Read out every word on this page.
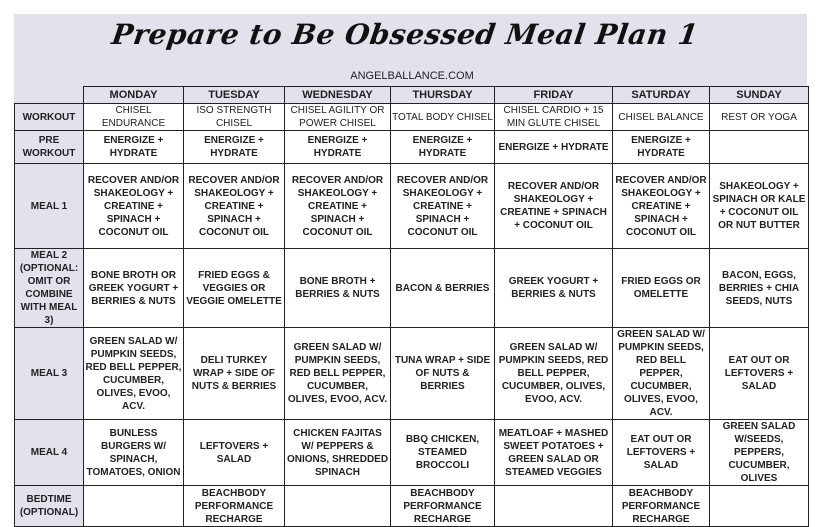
Prepare to Be Obsessed Meal Plan 1
ANGELBALLANCE.COM
	MONDAY	TUESDAY	WEDNESDAY	THURSDAY	FRIDAY	SATURDAY	SUNDAY
WORKOUT	CHISEL ENDURANCE	ISO STRENGTH CHISEL	CHISEL AGILITY OR POWER CHISEL	TOTAL BODY CHISEL	CHISEL CARDIO + 15 MIN GLUTE CHISEL	CHISEL BALANCE	REST OR YOGA
PRE WORKOUT	ENERGIZE + HYDRATE	ENERGIZE + HYDRATE	ENERGIZE + HYDRATE	ENERGIZE + HYDRATE	ENERGIZE + HYDRATE	ENERGIZE + HYDRATE	
MEAL 1	RECOVER AND/OR SHAKEOLOGY + CREATINE + SPINACH + COCONUT OIL	RECOVER AND/OR SHAKEOLOGY + CREATINE + SPINACH + COCONUT OIL	RECOVER AND/OR SHAKEOLOGY + CREATINE + SPINACH + COCONUT OIL	RECOVER AND/OR SHAKEOLOGY + CREATINE + SPINACH + COCONUT OIL	RECOVER AND/OR SHAKEOLOGY + CREATINE + SPINACH + COCONUT OIL	RECOVER AND/OR SHAKEOLOGY + CREATINE + SPINACH + COCONUT OIL	SHAKEOLOGY + SPINACH OR KALE + COCONUT OIL OR NUT BUTTER
MEAL 2 (OPTIONAL: OMIT OR COMBINE WITH MEAL 3)	BONE BROTH OR GREEK YOGURT + BERRIES & NUTS	FRIED EGGS & VEGGIES OR VEGGIE OMELETTE	BONE BROTH + BERRIES & NUTS	BACON & BERRIES	GREEK YOGURT + BERRIES & NUTS	FRIED EGGS OR OMELETTE	BACON, EGGS, BERRIES + CHIA SEEDS, NUTS
MEAL 3	GREEN SALAD W/ PUMPKIN SEEDS, RED BELL PEPPER, CUCUMBER, OLIVES, EVOO, ACV.	DELI TURKEY WRAP + SIDE OF NUTS & BERRIES	GREEN SALAD W/ PUMPKIN SEEDS, RED BELL PEPPER, CUCUMBER, OLIVES, EVOO, ACV.	TUNA WRAP + SIDE OF NUTS & BERRIES	GREEN SALAD W/ PUMPKIN SEEDS, RED BELL PEPPER, CUCUMBER, OLIVES, EVOO, ACV.	GREEN SALAD W/ PUMPKIN SEEDS, RED BELL PEPPER, CUCUMBER, OLIVES, EVOO, ACV.	EAT OUT OR LEFTOVERS + SALAD
MEAL 4	BUNLESS BURGERS W/ SPINACH, TOMATOES, ONION	LEFTOVERS + SALAD	CHICKEN FAJITAS W/ PEPPERS & ONIONS, SHREDDED SPINACH	BBQ CHICKEN, STEAMED BROCCOLI	MEATLOAF + MASHED SWEET POTATOES + GREEN SALAD OR STEAMED VEGGIES	EAT OUT OR LEFTOVERS + SALAD	GREEN SALAD W/SEEDS, PEPPERS, CUCUMBER, OLIVES
BEDTIME (OPTIONAL)		BEACHBODY PERFORMANCE RECHARGE		BEACHBODY PERFORMANCE RECHARGE		BEACHBODY PERFORMANCE RECHARGE	
